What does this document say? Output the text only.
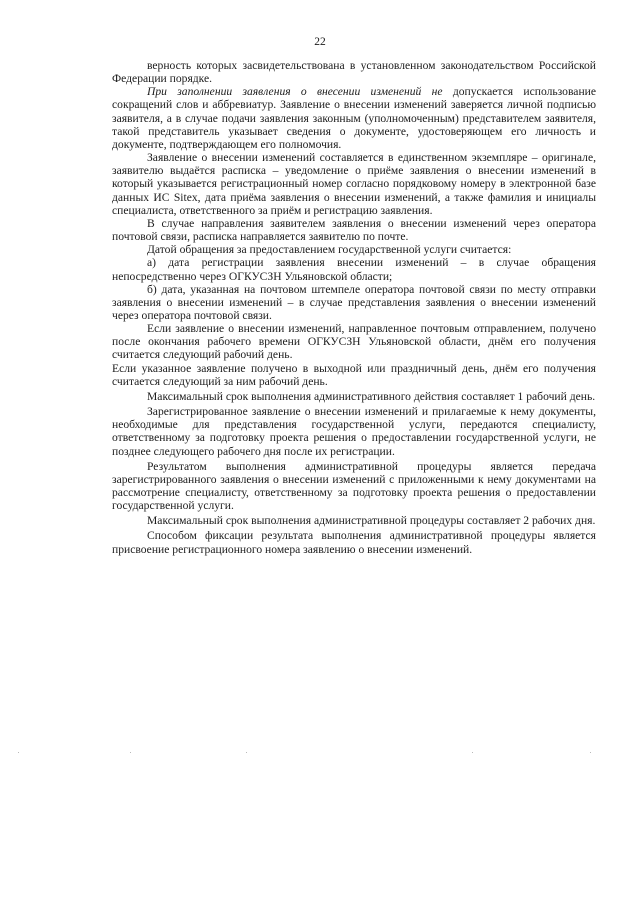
22

верность которых засвидетельствована в установленном законодательством Российской Федерации порядке.

При заполнении заявления о внесении изменений не допускается использование сокращений слов и аббревиатур. Заявление о внесении изменений заверяется личной подписью заявителя, а в случае подачи заявления законным (уполномоченным) представителем заявителя, такой представитель указывает сведения о документе, удостоверяющем его личность и документе, подтверждающем его полномочия.

Заявление о внесении изменений составляется в единственном экземпляре – оригинале, заявителю выдаётся расписка – уведомление о приёме заявления о внесении изменений в который указывается регистрационный номер согласно порядковому номеру в электронной базе данных ИС Sitex, дата приёма заявления о внесении изменений, а также фамилия и инициалы специалиста, ответственного за приём и регистрацию заявления.

В случае направления заявителем заявления о внесении изменений через оператора почтовой связи, расписка направляется заявителю по почте.

Датой обращения за предоставлением государственной услуги считается:

а) дата регистрации заявления внесении изменений – в случае обращения непосредственно через ОГКУСЗН Ульяновской области;

б) дата, указанная на почтовом штемпеле оператора почтовой связи по месту отправки заявления о внесении изменений – в случае представления заявления о внесении изменений через оператора почтовой связи.

Если заявление о внесении изменений, направленное почтовым отправлением, получено после окончания рабочего времени ОГКУСЗН Ульяновской области, днём его получения считается следующий рабочий день.

Если указанное заявление получено в выходной или праздничный день, днём его получения считается следующий за ним рабочий день.

Максимальный срок выполнения административного действия составляет 1 рабочий день.

Зарегистрированное заявление о внесении изменений и прилагаемые к нему документы, необходимые для представления государственной услуги, передаются специалисту, ответственному за подготовку проекта решения о предоставлении государственной услуги, не позднее следующего рабочего дня после их регистрации.

Результатом выполнения административной процедуры является передача зарегистрированного заявления о внесении изменений с приложенными к нему документами на рассмотрение специалисту, ответственному за подготовку проекта решения о предоставлении государственной услуги.

Максимальный срок выполнения административной процедуры составляет 2 рабочих дня.

Способом фиксации результата выполнения административной процедуры является присвоение регистрационного номера заявлению о внесении изменений.
